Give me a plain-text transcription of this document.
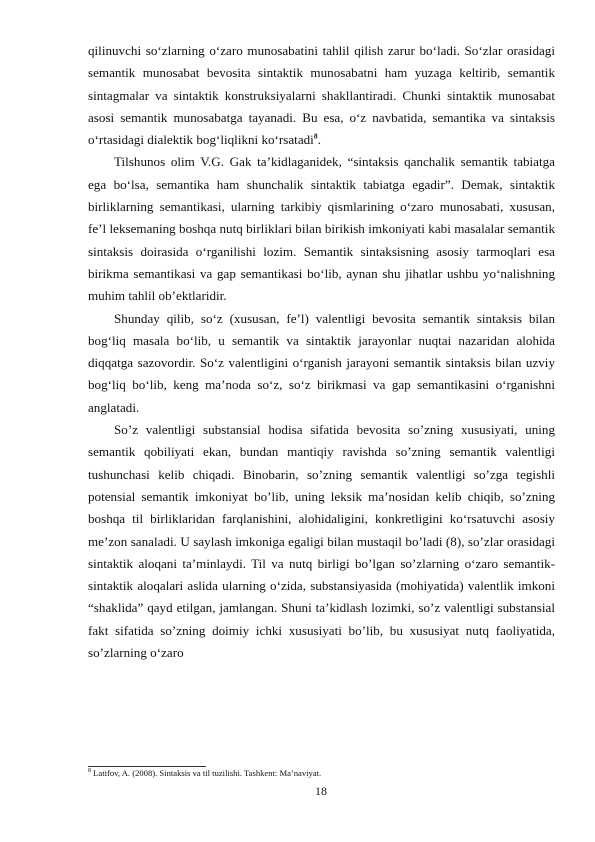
qilinuvchi so‘zlarning o‘zaro munosabatini tahlil qilish zarur bo‘ladi. So‘zlar orasidagi semantik munosabat bevosita sintaktik munosabatni ham yuzaga keltirib, semantik sintagmalar va sintaktik konstruksiyalarni shakllantiradi. Chunki sintaktik munosabat asosi semantik munosabatga tayanadi. Bu esa, o‘z navbatida, semantika va sintaksis o‘rtasidagi dialektik bog‘liqlikni ko‘rsatadi$^8$.

Tilshunos olim V.G. Gak ta’kidlaganidek, “sintaksis qanchalik semantik tabiatga ega bo‘lsa, semantika ham shunchalik sintaktik tabiatga egadir”. Demak, sintaktik birliklarning semantikasi, ularning tarkibiy qismlarining o‘zaro munosabati, xususan, fe’l leksemaning boshqa nutq birliklari bilan birikish imkoniyati kabi masalalar semantik sintaksis doirasida o‘rganilishi lozim. Semantik sintaksisning asosiy tarmoqlari esa birikma semantikasi va gap semantikasi bo‘lib, aynan shu jihatlar ushbu yo‘nalishning muhim tahlil ob’ektlaridir.

Shunday qilib, so‘z (xususan, fe’l) valentligi bevosita semantik sintaksis bilan bog‘liq masala bo‘lib, u semantik va sintaktik jarayonlar nuqtai nazaridan alohida diqqatga sazovordir. So‘z valentligini o‘rganish jarayoni semantik sintaksis bilan uzviy bog‘liq bo‘lib, keng ma’noda so‘z, so‘z birikmasi va gap semantikasini o‘rganishni anglatadi.

So’z valentligi substansial hodisa sifatida bevosita so’zning xususiyati, uning semantik qobiliyati ekan, bundan mantiqiy ravishda so’zning semantik valentligi tushunchasi kelib chiqadi. Binobarin, so’zning semantik valentligi so’zga tegishli potensial semantik imkoniyat bo’lib, uning leksik ma’nosidan kelib chiqib, so’zning boshqa til birliklaridan farqlanishini, alohidaligini, konkretligini ko‘rsatuvchi asosiy me’zon sanaladi. U saylash imkoniga egaligi bilan mustaqil bo’ladi (8), so’zlar orasidagi sintaktik aloqani ta’minlaydi. Til va nutq birligi bo’lgan so’zlarning o‘zaro semantik-sintaktik aloqalari aslida ularning o‘zida, substansiyasida (mohiyatida) valentlik imkoni “shaklida” qayd etilgan, jamlangan. Shuni ta’kidlash lozimki, so’z valentligi substansial fakt sifatida so’zning doimiy ichki xususiyati bo’lib, bu xususiyat nutq faoliyatida, so’zlarning o‘zaro

$^8$ Latifov, A. (2008). Sintaksis va til tuzilishi. Tashkent: Ma’naviyat.
18
